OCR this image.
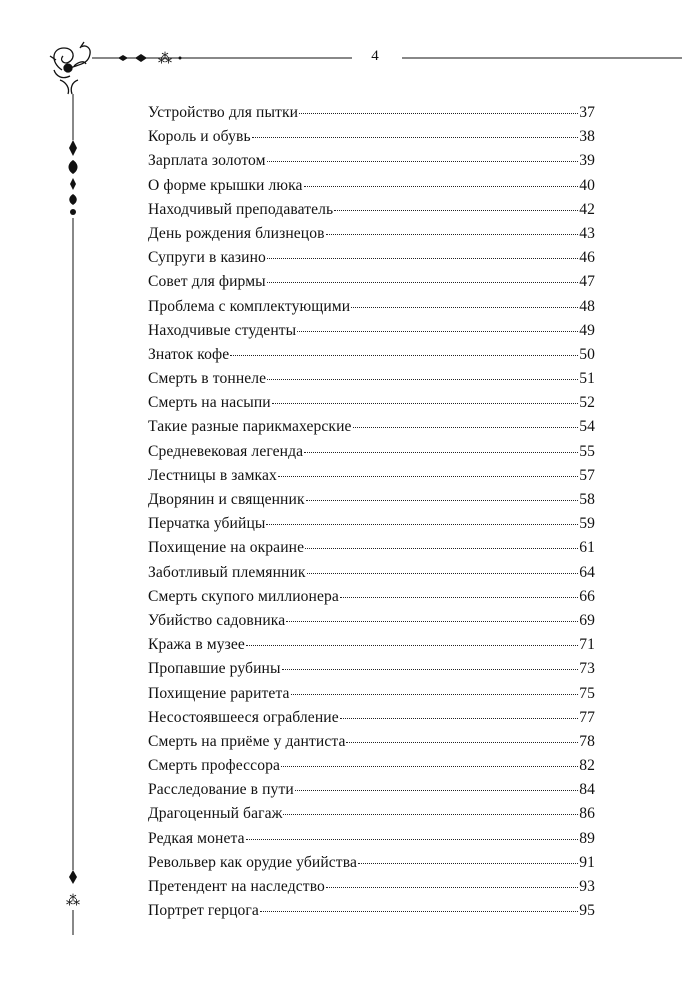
⁂
⁂
4
Устройство для пытки	37
Король и обувь	38
Зарплата золотом	39
О форме крышки люка	40
Находчивый преподаватель	42
День рождения близнецов	43
Супруги в казино	46
Совет для фирмы	47
Проблема с комплектующими	48
Находчивые студенты	49
Знаток кофе	50
Смерть в тоннеле	51
Смерть на насыпи	52
Такие разные парикмахерские	54
Средневековая легенда	55
Лестницы в замках	57
Дворянин и священник	58
Перчатка убийцы	59
Похищение на окраине	61
Заботливый племянник	64
Смерть скупого миллионера	66
Убийство садовника	69
Кража в музее	71
Пропавшие рубины	73
Похищение раритета	75
Несостоявшееся ограбление	77
Смерть на приёме у дантиста	78
Смерть профессора	82
Расследование в пути	84
Драгоценный багаж	86
Редкая монета	89
Револьвер как орудие убийства	91
Претендент на наследство	93
Портрет герцога	95
